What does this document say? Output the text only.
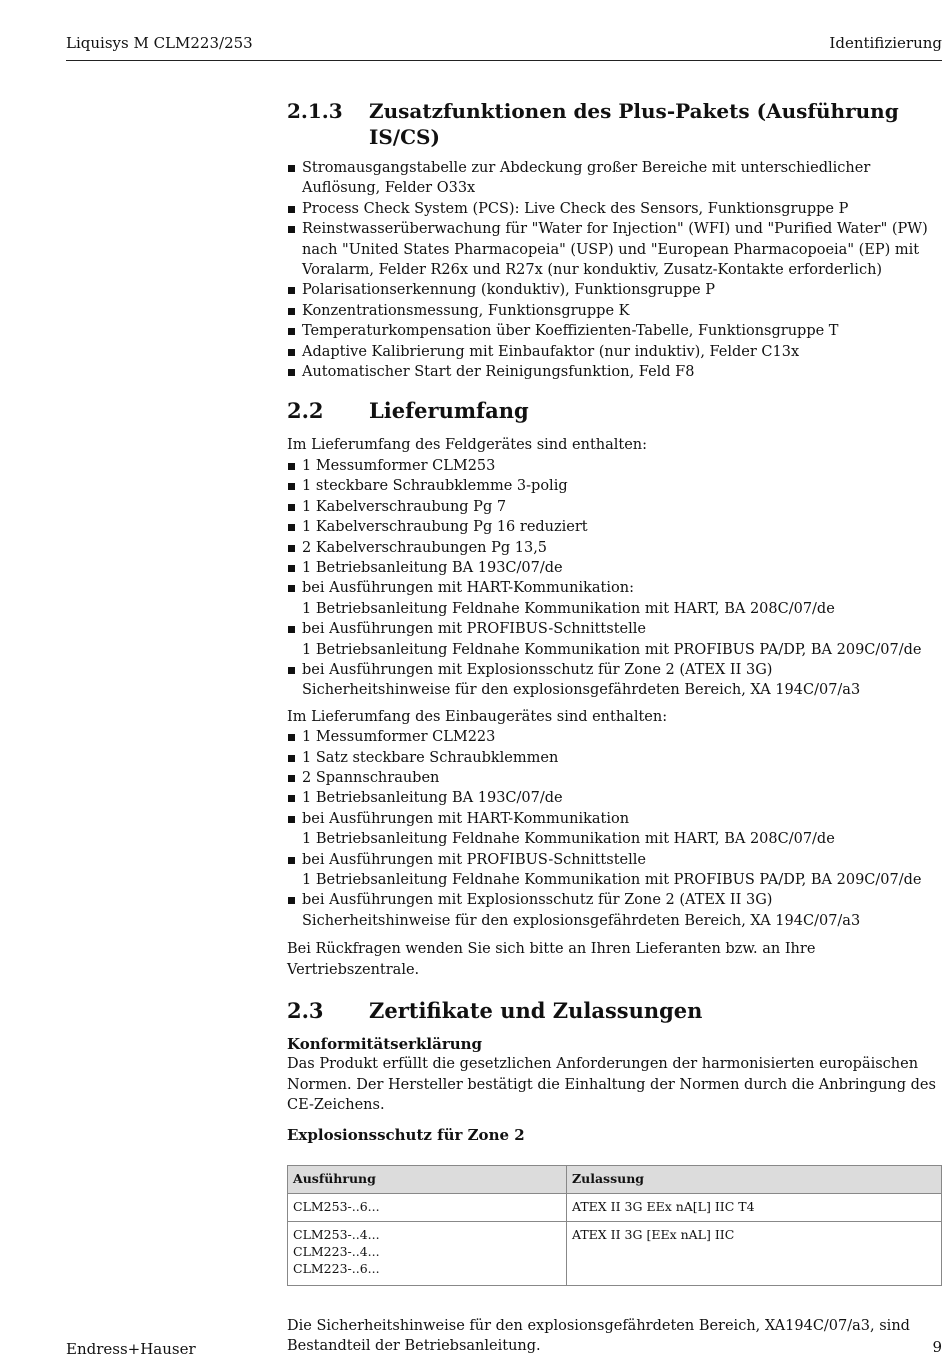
Liquisys M CLM223/253	Identifizierung
2.1.3	Zusatzfunktionen des Plus-Pakets (Ausführung IS/CS)
Stromausgangstabelle zur Abdeckung großer Bereiche mit unterschiedlicher Auflösung, Felder O33x
Process Check System (PCS): Live Check des Sensors, Funktionsgruppe P
Reinstwasserüberwachung für "Water for Injection" (WFI) und "Purified Water" (PW) nach "United States Pharmacopeia" (USP) und "European Pharmacopoeia" (EP) mit Voralarm, Felder R26x und R27x (nur konduktiv, Zusatz-Kontakte erforderlich)
Polarisationserkennung (konduktiv), Funktionsgruppe P
Konzentrationsmessung, Funktionsgruppe K
Temperaturkompensation über Koeffizienten-Tabelle, Funktionsgruppe T
Adaptive Kalibrierung mit Einbaufaktor (nur induktiv), Felder C13x
Automatischer Start der Reinigungsfunktion, Feld F8
2.2	Lieferumfang

Im Lieferumfang des Feldgerätes sind enthalten:

1 Messumformer CLM253
1 steckbare Schraubklemme 3-polig
1 Kabelverschraubung Pg 7
1 Kabelverschraubung Pg 16 reduziert
2 Kabelverschraubungen Pg 13,5
1 Betriebsanleitung BA 193C/07/de
bei Ausführungen mit HART-Kommunikation:
1 Betriebsanleitung Feldnahe Kommunikation mit HART, BA 208C/07/de
bei Ausführungen mit PROFIBUS-Schnittstelle
1 Betriebsanleitung Feldnahe Kommunikation mit PROFIBUS PA/DP, BA 209C/07/de
bei Ausführungen mit Explosionsschutz für Zone 2 (ATEX II 3G)
Sicherheitshinweise für den explosionsgefährdeten Bereich, XA 194C/07/a3

Im Lieferumfang des Einbaugerätes sind enthalten:

1 Messumformer CLM223
1 Satz steckbare Schraubklemmen
2 Spannschrauben
1 Betriebsanleitung BA 193C/07/de
bei Ausführungen mit HART-Kommunikation
1 Betriebsanleitung Feldnahe Kommunikation mit HART, BA 208C/07/de
bei Ausführungen mit PROFIBUS-Schnittstelle
1 Betriebsanleitung Feldnahe Kommunikation mit PROFIBUS PA/DP, BA 209C/07/de
bei Ausführungen mit Explosionsschutz für Zone 2 (ATEX II 3G)
Sicherheitshinweise für den explosionsgefährdeten Bereich, XA 194C/07/a3

Bei Rückfragen wenden Sie sich bitte an Ihren Lieferanten bzw. an Ihre Vertriebszentrale.

2.3	Zertifikate und Zulassungen

Konformitätserklärung

Das Produkt erfüllt die gesetzlichen Anforderungen der harmonisierten europäischen Normen. Der Hersteller bestätigt die Einhaltung der Normen durch die Anbringung des CE-Zeichens.

Explosionsschutz für Zone 2

Ausführung	Zulassung

CLM253-..6...	ATEX II 3G EEx nA[L] IIC T4

CLM253-..4...
CLM223-..4...
CLM223-..6...	ATEX II 3G [EEx nAL] IIC

Die Sicherheitshinweise für den explosionsgefährdeten Bereich, XA194C/07/a3, sind Bestandteil der Betriebsanleitung.

Endress+Hauser	9
